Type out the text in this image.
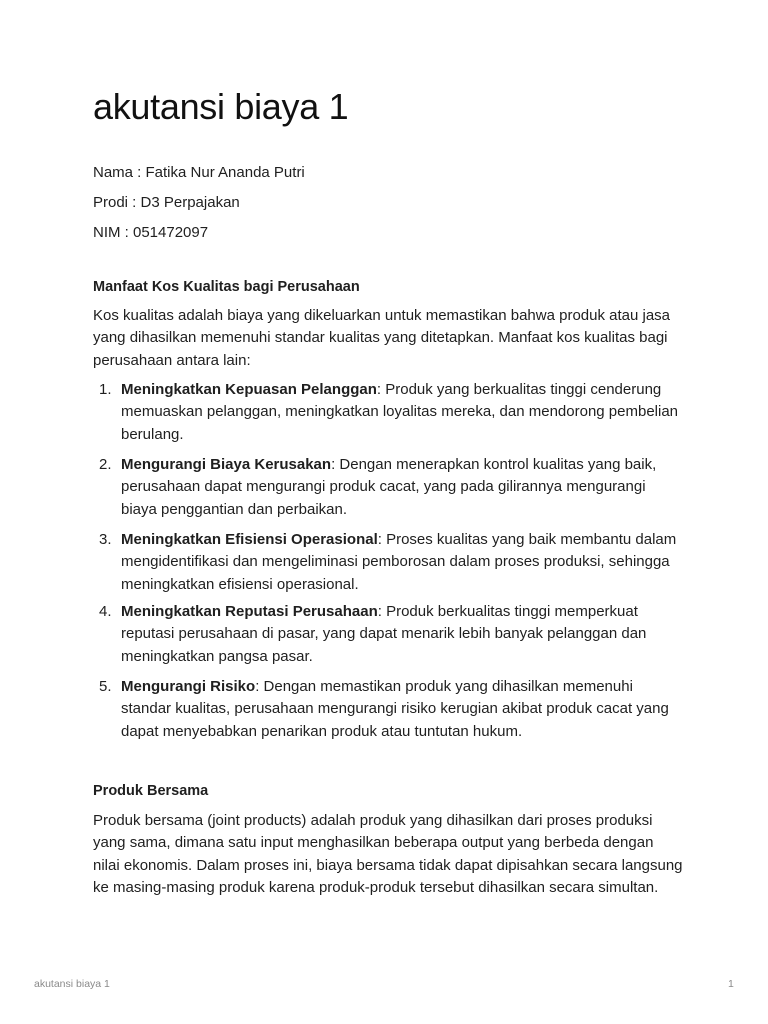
akutansi biaya 1
Nama : Fatika Nur Ananda Putri
Prodi : D3 Perpajakan
NIM : 051472097
Manfaat Kos Kualitas bagi Perusahaan

Kos kualitas adalah biaya yang dikeluarkan untuk memastikan bahwa produk atau jasa yang dihasilkan memenuhi standar kualitas yang ditetapkan. Manfaat kos kualitas bagi perusahaan antara lain:

1. Meningkatkan Kepuasan Pelanggan: Produk yang berkualitas tinggi cenderung memuaskan pelanggan, meningkatkan loyalitas mereka, dan mendorong pembelian berulang.
2. Mengurangi Biaya Kerusakan: Dengan menerapkan kontrol kualitas yang baik, perusahaan dapat mengurangi produk cacat, yang pada gilirannya mengurangi biaya penggantian dan perbaikan.
3. Meningkatkan Efisiensi Operasional: Proses kualitas yang baik membantu dalam mengidentifikasi dan mengeliminasi pemborosan dalam proses produksi, sehingga meningkatkan efisiensi operasional.
4. Meningkatkan Reputasi Perusahaan: Produk berkualitas tinggi memperkuat reputasi perusahaan di pasar, yang dapat menarik lebih banyak pelanggan dan meningkatkan pangsa pasar.
5. Mengurangi Risiko: Dengan memastikan produk yang dihasilkan memenuhi standar kualitas, perusahaan mengurangi risiko kerugian akibat produk cacat yang dapat menyebabkan penarikan produk atau tuntutan hukum.
Produk Bersama

Produk bersama (joint products) adalah produk yang dihasilkan dari proses produksi yang sama, dimana satu input menghasilkan beberapa output yang berbeda dengan nilai ekonomis. Dalam proses ini, biaya bersama tidak dapat dipisahkan secara langsung ke masing-masing produk karena produk-produk tersebut dihasilkan secara simultan.

akutansi biaya 1	1
